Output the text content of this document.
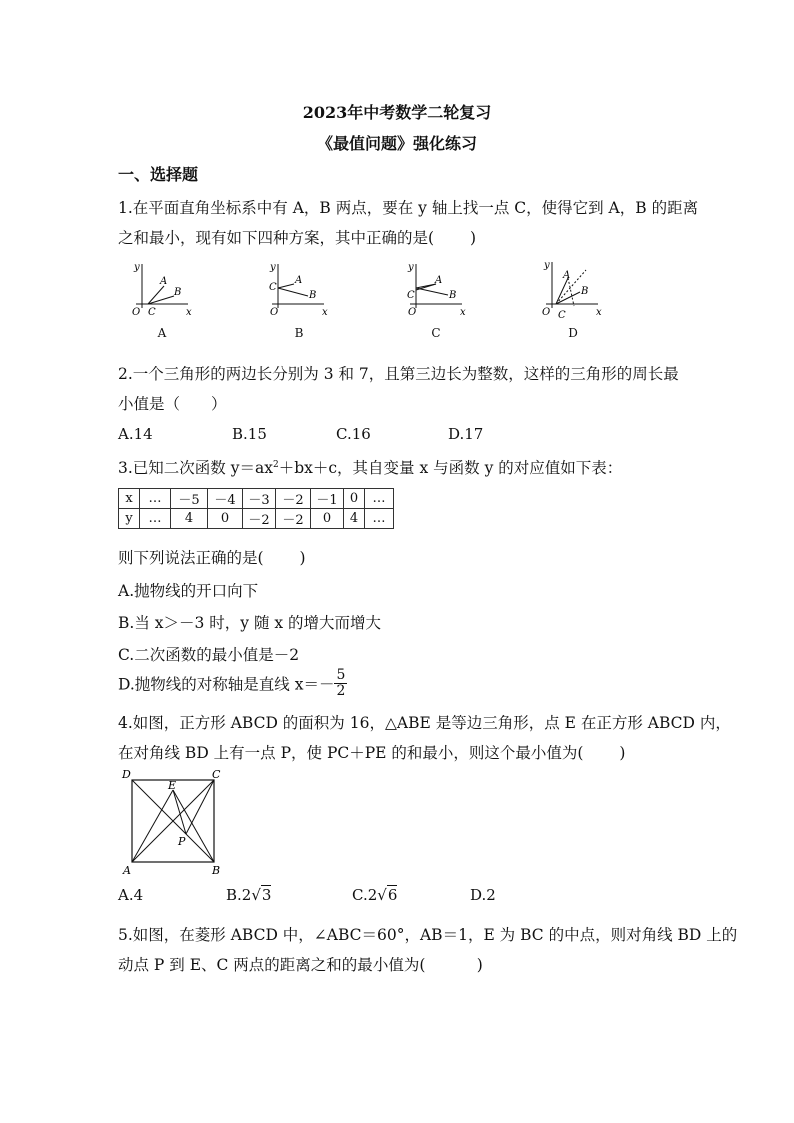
2023年中考数学二轮复习
《最值问题》强化练习
一、选择题
1.在平面直角坐标系中有 A，B 两点，要在 y 轴上找一点 C，使得它到 A，B 的距离
之和最小，现有如下四种方案，其中正确的是(　　 )
y
x
O C
A
B
A
y
x
O
C
A
B
B
y
x
O
C
A
B
C
y
x
O C
A
B
D
2.一个三角形的两边长分别为 3 和 7，且第三边长为整数，这样的三角形的周长最
小值是（　　）
A.14	B.15	C.16	D.17
3.已知二次函数 $y=ax^2+bx+c$，其自变量 x 与函数 y 的对应值如下表：
x	…	－5	－4	－3	－2	－1	0	…
y	…	4	0	－2	－2	0	4	…
则下列说法正确的是(　　 )
A.抛物线的开口向下
B.当 x＞－3 时，y 随 x 的增大而增大
C.二次函数的最小值是－2
D.抛物线的对称轴是直线 $x=- \frac{5}{2}$
4.如图，正方形 ABCD 的面积为 16，△ABE 是等边三角形，点 E 在正方形 ABCD 内，
在对角线 BD 上有一点 P，使 PC＋PE 的和最小，则这个最小值为(　　 )
D	C
E
P
A	B
A.4	B.2√3	C.2√6	D.2
5.如图，在菱形 ABCD 中，∠ABC＝60°，AB＝1，E 为 BC 的中点，则对角线 BD 上的
动点 P 到 E、C 两点的距离之和的最小值为(　　 　)
